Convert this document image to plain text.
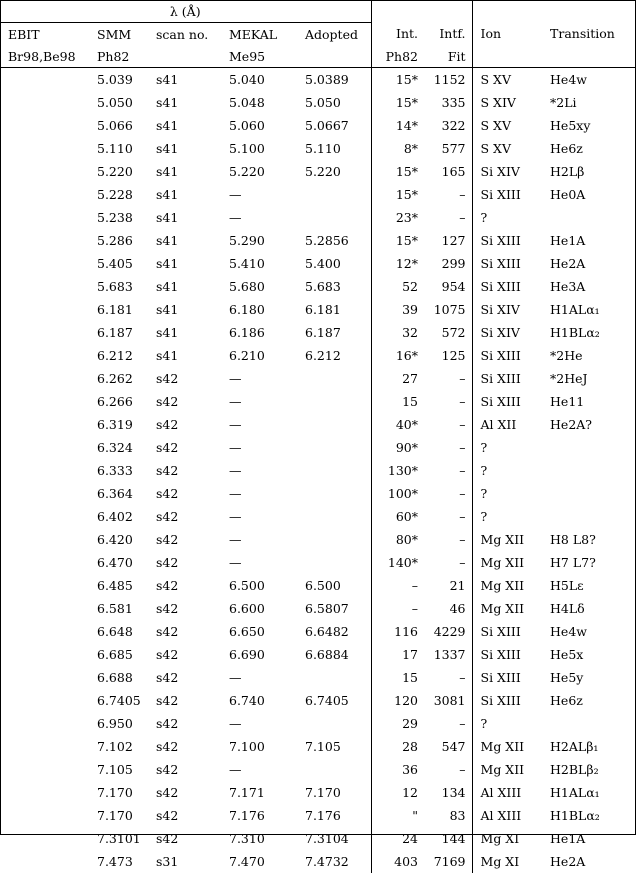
λ (Å)								
EBIT	SMM	scan no.	MEKAL	Adopted	Int.	Intf.	Ion	Transition
Br98,Be98	Ph82		Me95		Ph82	Fit		
	5.039	s41	5.040	5.0389	15*	1152	S XV	He4w
	5.050	s41	5.048	5.050	15*	335	S XIV	*2Li
	5.066	s41	5.060	5.0667	14*	322	S XV	He5xy
	5.110	s41	5.100	5.110	8*	577	S XV	He6z
	5.220	s41	5.220	5.220	15*	165	Si XIV	H2Lβ
	5.228	s41	—		15*	–	Si XIII	He0A
	5.238	s41	—		23*	–	?	
	5.286	s41	5.290	5.2856	15*	127	Si XIII	He1A
	5.405	s41	5.410	5.400	12*	299	Si XIII	He2A
	5.683	s41	5.680	5.683	52	954	Si XIII	He3A
	6.181	s41	6.180	6.181	39	1075	Si XIV	H1ALα₁
	6.187	s41	6.186	6.187	32	572	Si XIV	H1BLα₂
	6.212	s41	6.210	6.212	16*	125	Si XIII	*2He
	6.262	s42	—		27	–	Si XIII	*2HeJ
	6.266	s42	—		15	–	Si XIII	He11
	6.319	s42	—		40*	–	Al XII	He2A?
	6.324	s42	—		90*	–	?	
	6.333	s42	—		130*	–	?	
	6.364	s42	—		100*	–	?	
	6.402	s42	—		60*	–	?	
	6.420	s42	—		80*	–	Mg XII	H8 L8?
	6.470	s42	—		140*	–	Mg XII	H7 L7?
	6.485	s42	6.500	6.500	–	21	Mg XII	H5Lε
	6.581	s42	6.600	6.5807	–	46	Mg XII	H4Lδ
	6.648	s42	6.650	6.6482	116	4229	Si XIII	He4w
	6.685	s42	6.690	6.6884	17	1337	Si XIII	He5x
	6.688	s42	—		15	–	Si XIII	He5y
	6.7405	s42	6.740	6.7405	120	3081	Si XIII	He6z
	6.950	s42	—		29	–	?	
	7.102	s42	7.100	7.105	28	547	Mg XII	H2ALβ₁
	7.105	s42	—		36	–	Mg XII	H2BLβ₂
	7.170	s42	7.171	7.170	12	134	Al XIII	H1ALα₁
	7.170	s42	7.176	7.176	"	83	Al XIII	H1BLα₂
	7.3101	s42	7.310	7.3104	24	144	Mg XI	He1A
	7.473	s31	7.470	7.4732	403	7169	Mg XI	He2A
